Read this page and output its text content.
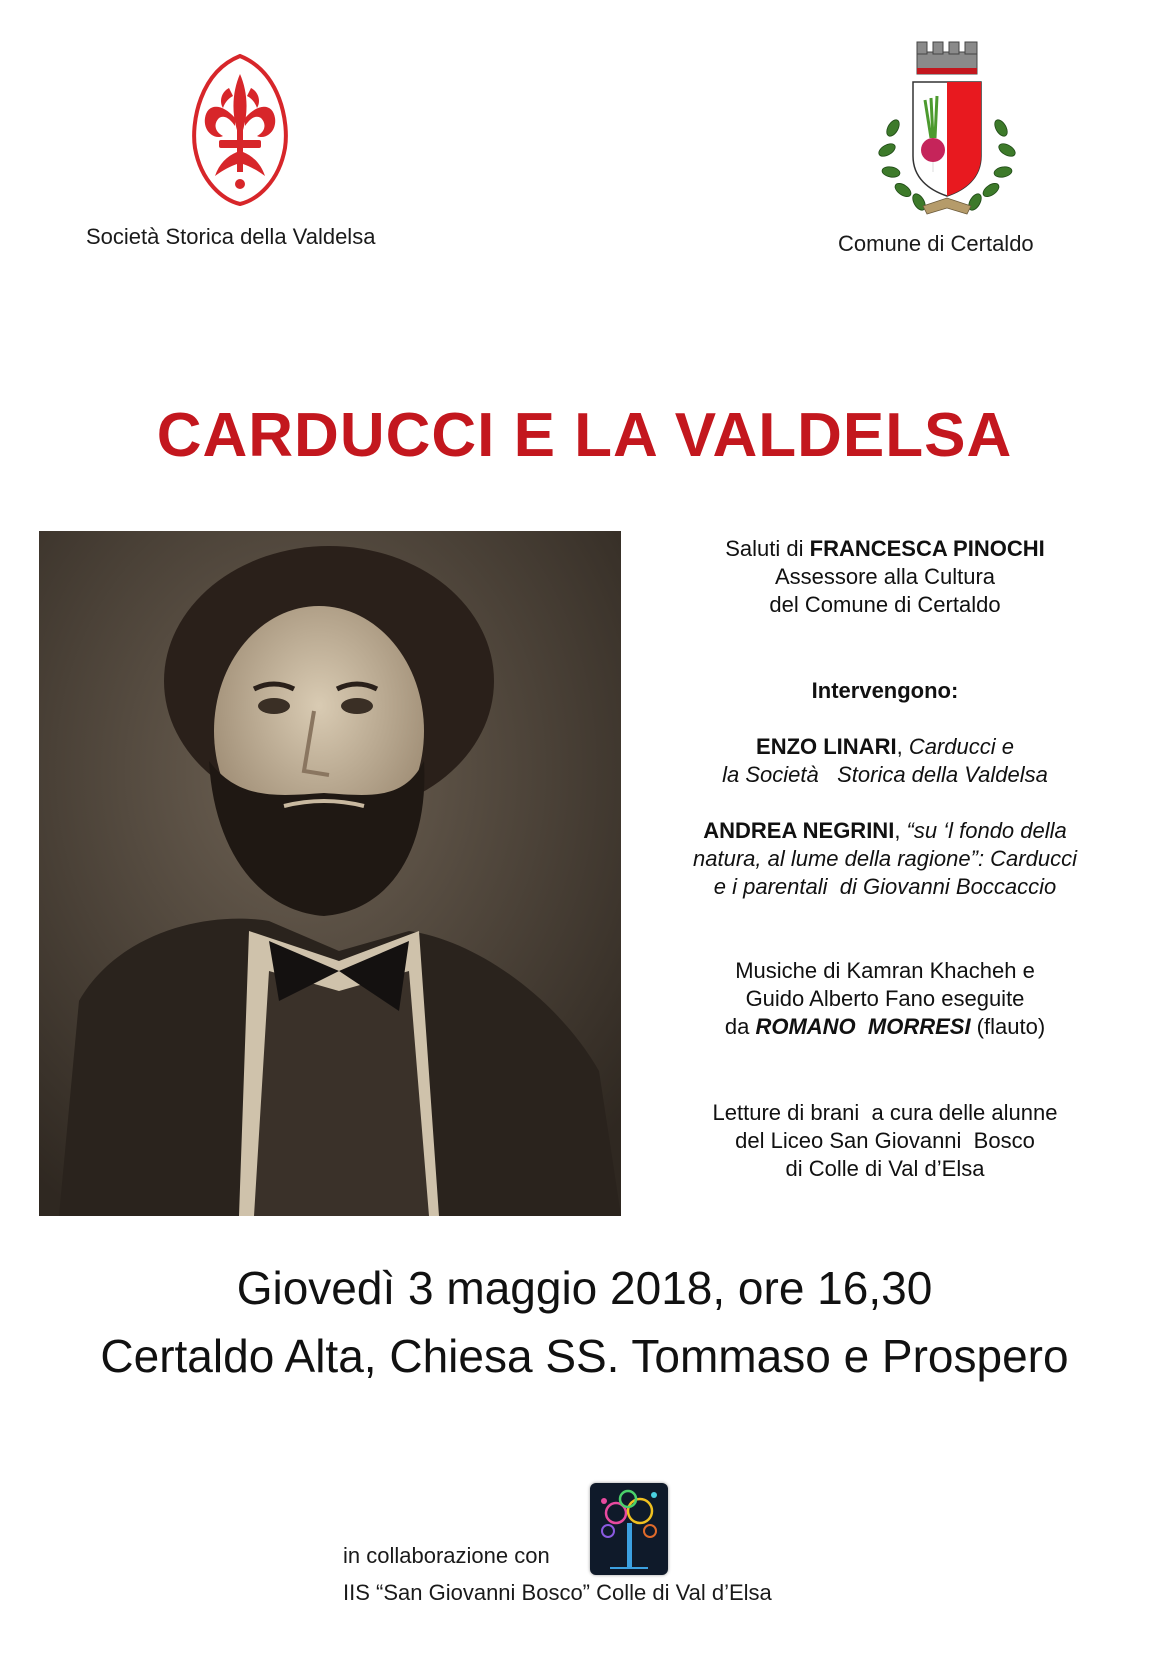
Società Storica della Valdelsa	Comune di Certaldo
CARDUCCI E LA VALDELSA

Saluti di FRANCESCA PINOCHI

Assessore alla Cultura

del Comune di Certaldo

Intervengono:

ENZO LINARI, Carducci e

la Società   Storica della Valdelsa

ANDREA NEGRINI, “su ‘l fondo della

natura, al lume della ragione”: Carducci

e i parentali  di Giovanni Boccaccio

Musiche di Kamran Khacheh e

Guido Alberto Fano eseguite

da ROMANO  MORRESI (flauto)

Letture di brani  a cura delle alunne

del Liceo San Giovanni  Bosco

di Colle di Val d’Elsa

Giovedì 3 maggio 2018, ore 16,30
Certaldo Alta, Chiesa SS. Tommaso e Prospero
in collaborazione con
IIS “San Giovanni Bosco” Colle di Val d’Elsa
